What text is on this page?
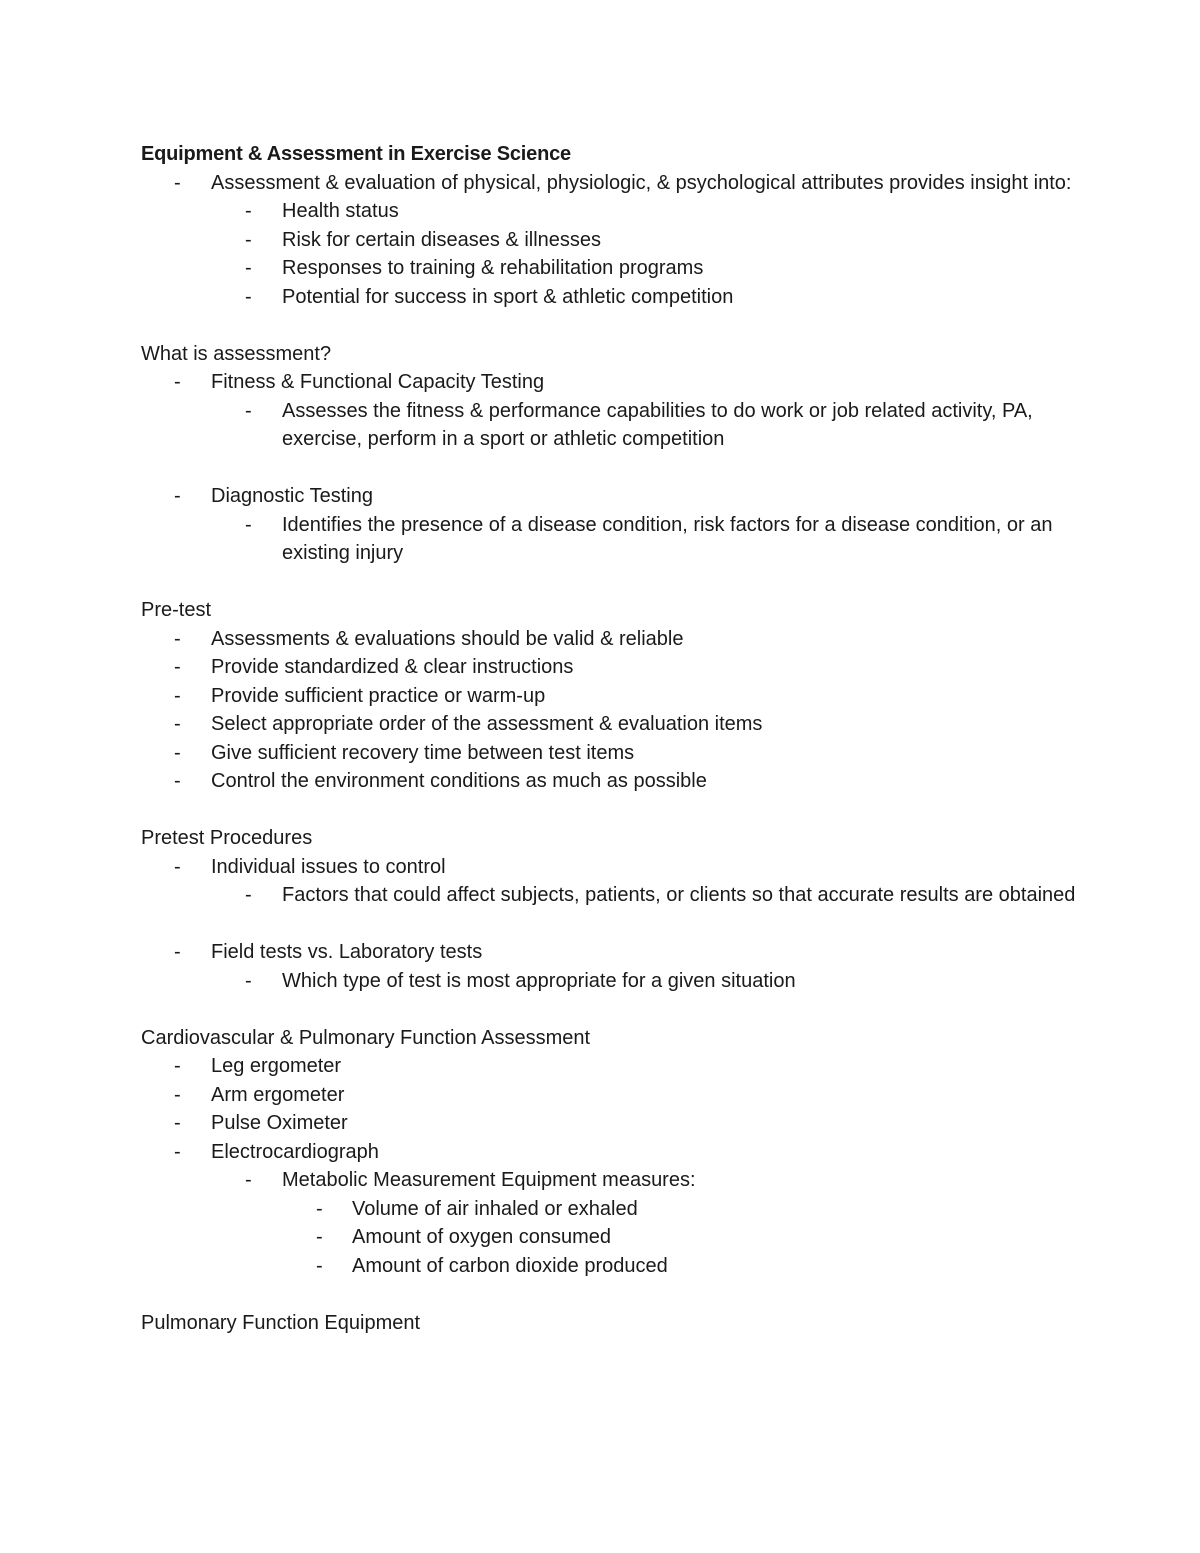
Equipment & Assessment in Exercise Science

- Assessment & evaluation of physical, physiologic, & psychological attributes provides insight into:
- Health status
- Risk for certain diseases & illnesses
- Responses to training & rehabilitation programs
- Potential for success in sport & athletic competition

What is assessment?

- Fitness & Functional Capacity Testing
- Assesses the fitness & performance capabilities to do work or job related activity, PA, exercise, perform in a sport or athletic competition
- Diagnostic Testing
- Identifies the presence of a disease condition, risk factors for a disease condition, or an existing injury

Pre-test

- Assessments & evaluations should be valid & reliable
- Provide standardized & clear instructions
- Provide sufficient practice or warm-up
- Select appropriate order of the assessment & evaluation items
- Give sufficient recovery time between test items
- Control the environment conditions as much as possible

Pretest Procedures

- Individual issues to control
- Factors that could affect subjects, patients, or clients so that accurate results are obtained
- Field tests vs. Laboratory tests
- Which type of test is most appropriate for a given situation

Cardiovascular & Pulmonary Function Assessment

- Leg ergometer
- Arm ergometer
- Pulse Oximeter
- Electrocardiograph
- Metabolic Measurement Equipment measures:
- Volume of air inhaled or exhaled
- Amount of oxygen consumed
- Amount of carbon dioxide produced

Pulmonary Function Equipment
